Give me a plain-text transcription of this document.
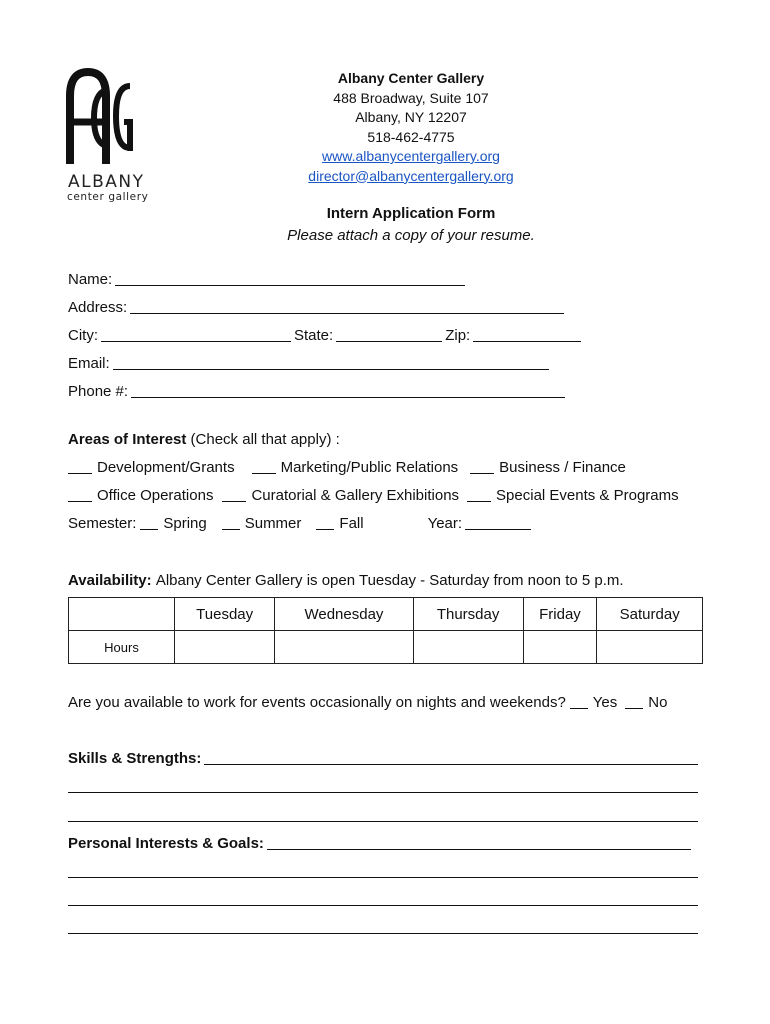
ALBANY
center gallery
Albany Center Gallery
488 Broadway, Suite 107
Albany, NY 12207
518-462-4775
www.albanycentergallery.org
director@albanycentergallery.org
Intern Application Form
Please attach a copy of your resume.
Name:
Address:
City:	State:	Zip:
Email:
Phone #:
Areas of Interest
(Check all that apply) :
Development/Grants	Marketing/Public Relations	Business / Finance
Office Operations	Curatorial & Gallery Exhibitions Special Events & Programs
Semester: Spring	Summer	Fall	Year:
Availability:
Albany Center Gallery is open Tuesday - Saturday from noon to 5 p.m.
	Tuesday	Wednesday	Thursday	Friday	Saturday
Hours					
Are you available to work for events occasionally on nights and weekends? Yes No
Skills & Strengths:
Personal Interests & Goals:
